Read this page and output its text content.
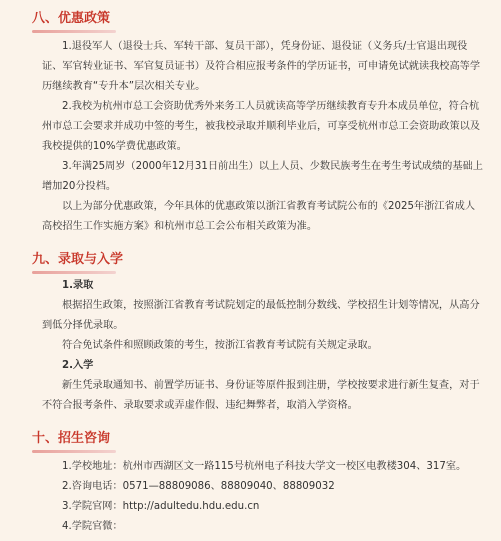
八、优惠政策

1.退役军人（退役士兵、军转干部、复员干部），凭身份证、退役证（义务兵/士官退出现役证、军官转业证书、军官复员证书）及符合相应报考条件的学历证书，可申请免试就读我校高等学历继续教育“专升本”层次相关专业。

2.我校为杭州市总工会资助优秀外来务工人员就读高等学历继续教育专升本成员单位，符合杭州市总工会要求并成功中签的考生，被我校录取并顺利毕业后，可享受杭州市总工会资助政策以及我校提供的10%学费优惠政策。

3.年满25周岁（2000年12月31日前出生）以上人员、少数民族考生在考生考试成绩的基础上增加20分投档。

以上为部分优惠政策，今年具体的优惠政策以浙江省教育考试院公布的《2025年浙江省成人高校招生工作实施方案》和杭州市总工会公布相关政策为准。

九、录取与入学

1.录取

根据招生政策，按照浙江省教育考试院划定的最低控制分数线、学校招生计划等情况，从高分到低分择优录取。

符合免试条件和照顾政策的考生，按浙江省教育考试院有关规定录取。

2.入学

新生凭录取通知书、前置学历证书、身份证等原件报到注册，学校按要求进行新生复查，对于不符合报考条件、录取要求或弄虚作假、违纪舞弊者，取消入学资格。

十、招生咨询

1.学校地址：杭州市西湖区文一路115号杭州电子科技大学文一校区电教楼304、317室。

2.咨询电话：0571—88809086、88809040、88809032

3.学院官网：http://adultedu.hdu.edu.cn

4.学院官微：
